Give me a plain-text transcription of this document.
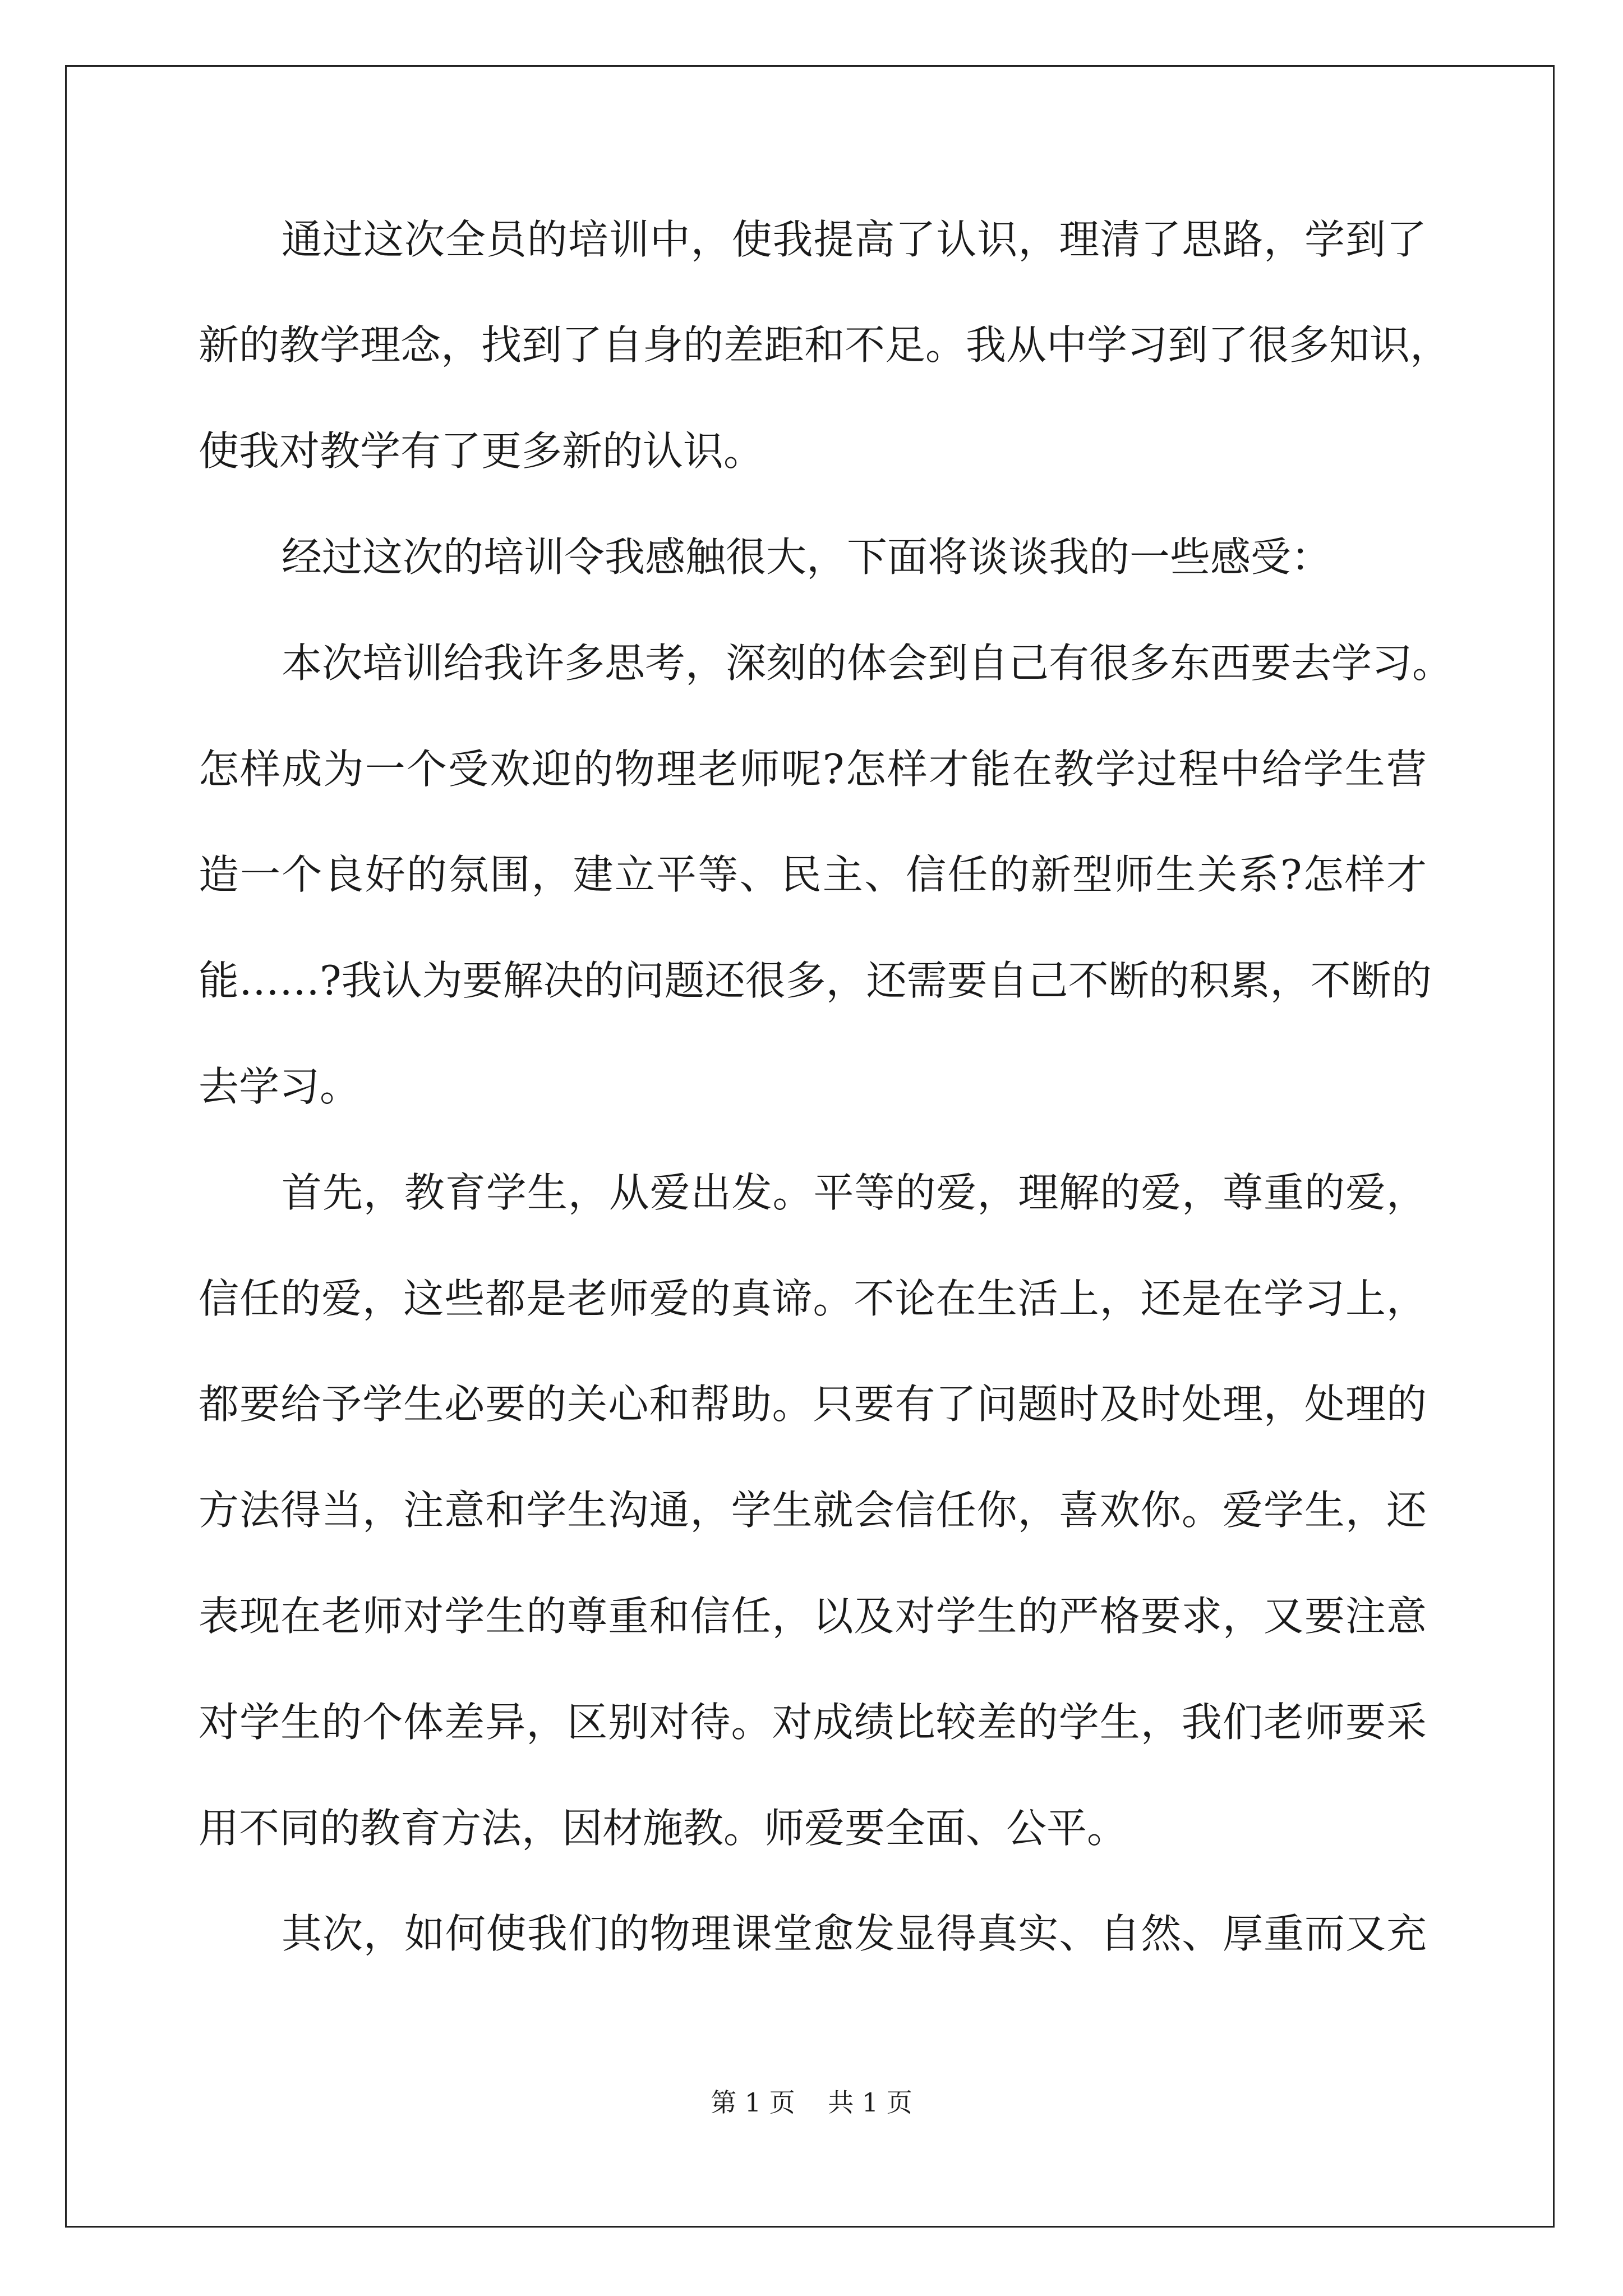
通过这次全员的培训中，使我提高了认识，理清了思路，学到了
新的教学理念，找到了自身的差距和不足。我从中学习到了很多知识，
使我对教学有了更多新的认识。
经过这次的培训令我感触很大，下面将谈谈我的一些感受：
本次培训给我许多思考，深刻的体会到自己有很多东西要去学习。
怎样成为一个受欢迎的物理老师呢?怎样才能在教学过程中给学生营
造一个良好的氛围，建立平等、民主、信任的新型师生关系?怎样才
能……?我认为要解决的问题还很多，还需要自己不断的积累，不断的
去学习。
首先，教育学生，从爱出发。平等的爱，理解的爱，尊重的爱，
信任的爱，这些都是老师爱的真谛。不论在生活上，还是在学习上，
都要给予学生必要的关心和帮助。只要有了问题时及时处理，处理的
方法得当，注意和学生沟通，学生就会信任你，喜欢你。爱学生，还
表现在老师对学生的尊重和信任，以及对学生的严格要求，又要注意
对学生的个体差异，区别对待。对成绩比较差的学生，我们老师要采
用不同的教育方法，因材施教。师爱要全面、公平。
其次，如何使我们的物理课堂愈发显得真实、自然、厚重而又充
第 1 页    共 1 页
